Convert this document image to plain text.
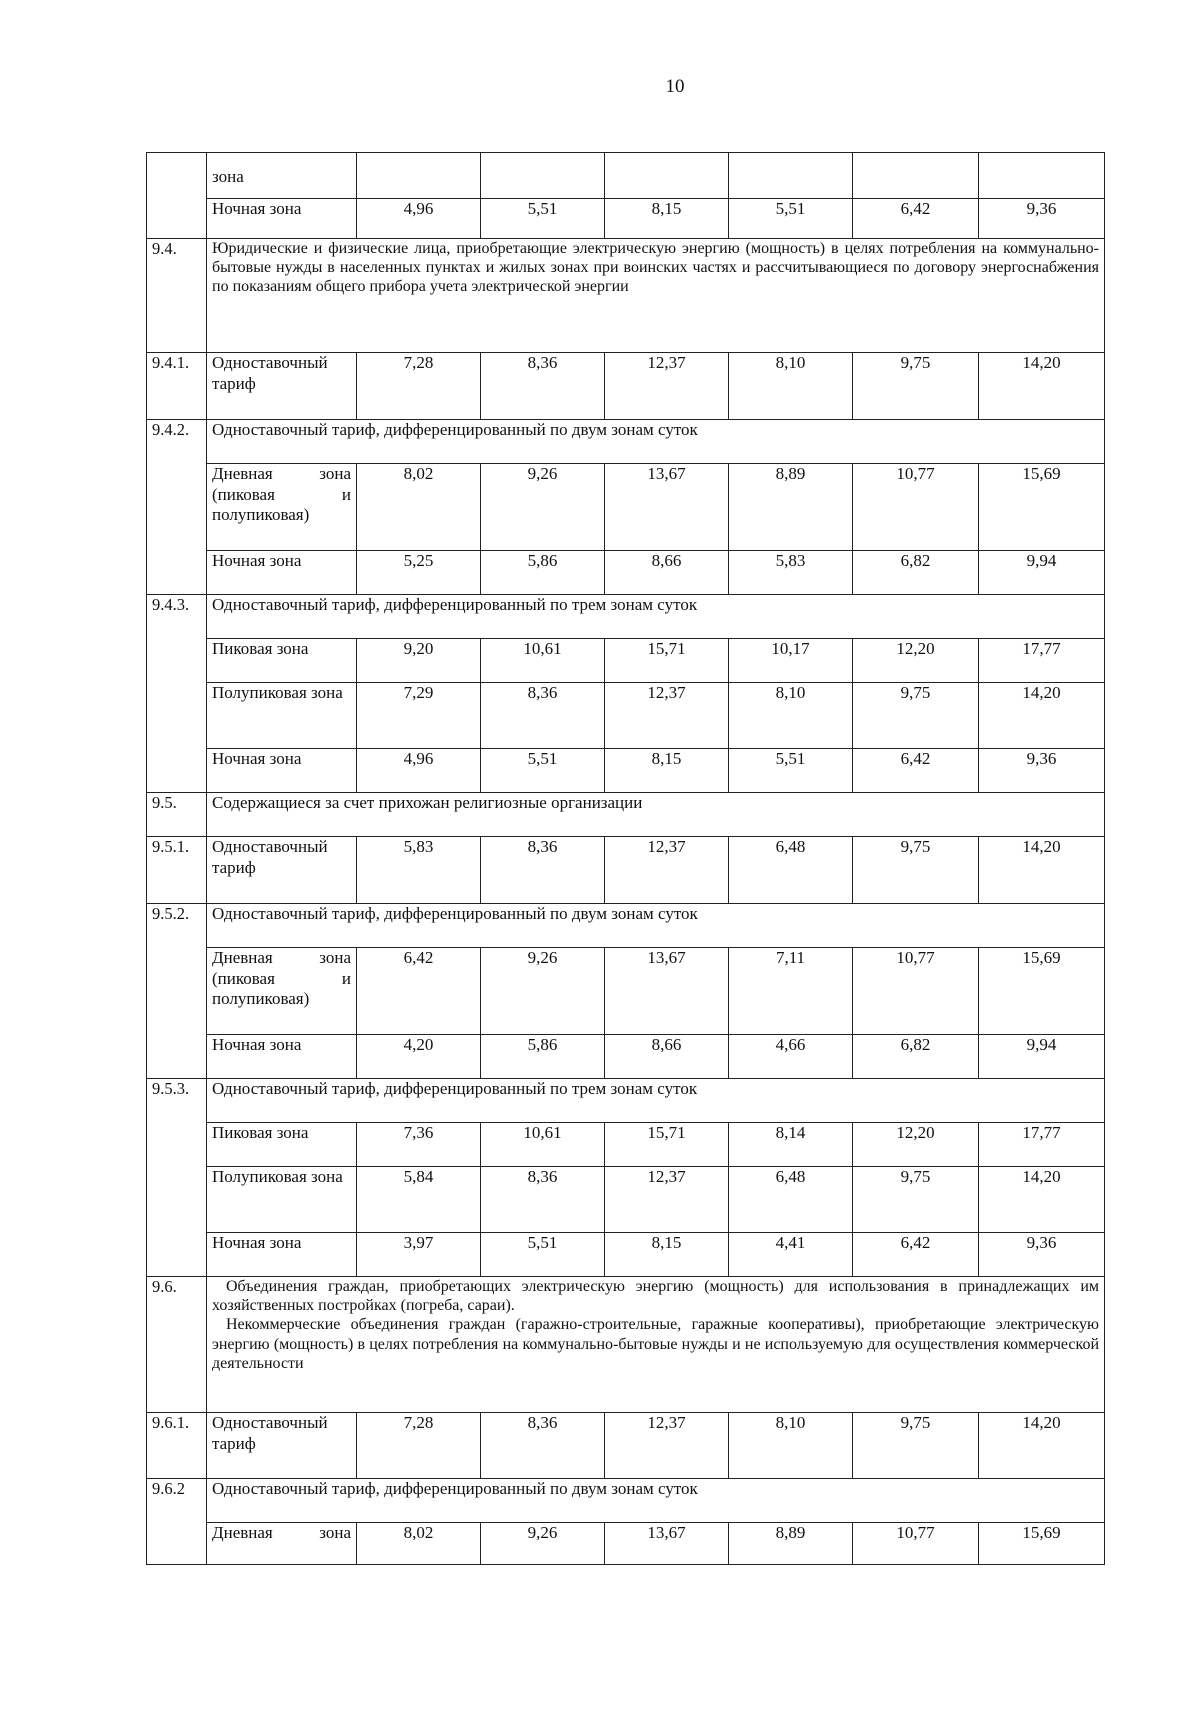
10
	зона						
	Ночная зона	4,96	5,51	8,15	5,51	6,42	9,36
9.4.	Юридические и физические лица, приобретающие электрическую энергию (мощность) в целях потребления на коммунально-бытовые нужды в населенных пунктах и жилых зонах при воинских частях и рассчитывающиеся по договору энергоснабжения по показаниям общего прибора учета электрической энергии						
9.4.1.	Одноставочный тариф	7,28	8,36	12,37	8,10	9,75	14,20
9.4.2.	Одноставочный тариф, дифференцированный по двум зонам суток						

	Дневная зона (пиковая и полупиковая)	8,02	9,26	13,67	8,89	10,77	15,69
	Ночная зона	5,25	5,86	8,66	5,83	6,82	9,94
9.4.3.	Одноставочный тариф, дифференцированный по трем зонам суток						
	Пиковая зона	9,20	10,61	15,71	10,17	12,20	17,77
	Полупиковая зона	7,29	8,36	12,37	8,10	9,75	14,20
	Ночная зона	4,96	5,51	8,15	5,51	6,42	9,36
9.5.	Содержащиеся за счет прихожан религиозные организации						
9.5.1.	Одноставочный тариф	5,83	8,36	12,37	6,48	9,75	14,20
9.5.2.	Одноставочный тариф, дифференцированный по двум зонам суток						

	Дневная зона (пиковая и полупиковая)	6,42	9,26	13,67	7,11	10,77	15,69
	Ночная зона	4,20	5,86	8,66	4,66	6,82	9,94
9.5.3.	Одноставочный тариф, дифференцированный по трем зонам суток						
	Пиковая зона	7,36	10,61	15,71	8,14	12,20	17,77
	Полупиковая зона	5,84	8,36	12,37	6,48	9,75	14,20
	Ночная зона	3,97	5,51	8,15	4,41	6,42	9,36
9.6.	Объединения граждан, приобретающих электрическую энергию (мощность) для использования в принадлежащих им хозяйственных постройках (погреба, сараи).

Некоммерческие объединения граждан (гаражно-строительные, гаражные кооперативы), приобретающие электрическую энергию (мощность) в целях потребления на коммунально-бытовые нужды и не используемую для осуществления коммерческой деятельности						

9.6.1.	Одноставочный тариф	7,28	8,36	12,37	8,10	9,75	14,20
9.6.2	Одноставочный тариф, дифференцированный по двум зонам суток						

	Дневная зона	8,02	9,26	13,67	8,89	10,77	15,69
